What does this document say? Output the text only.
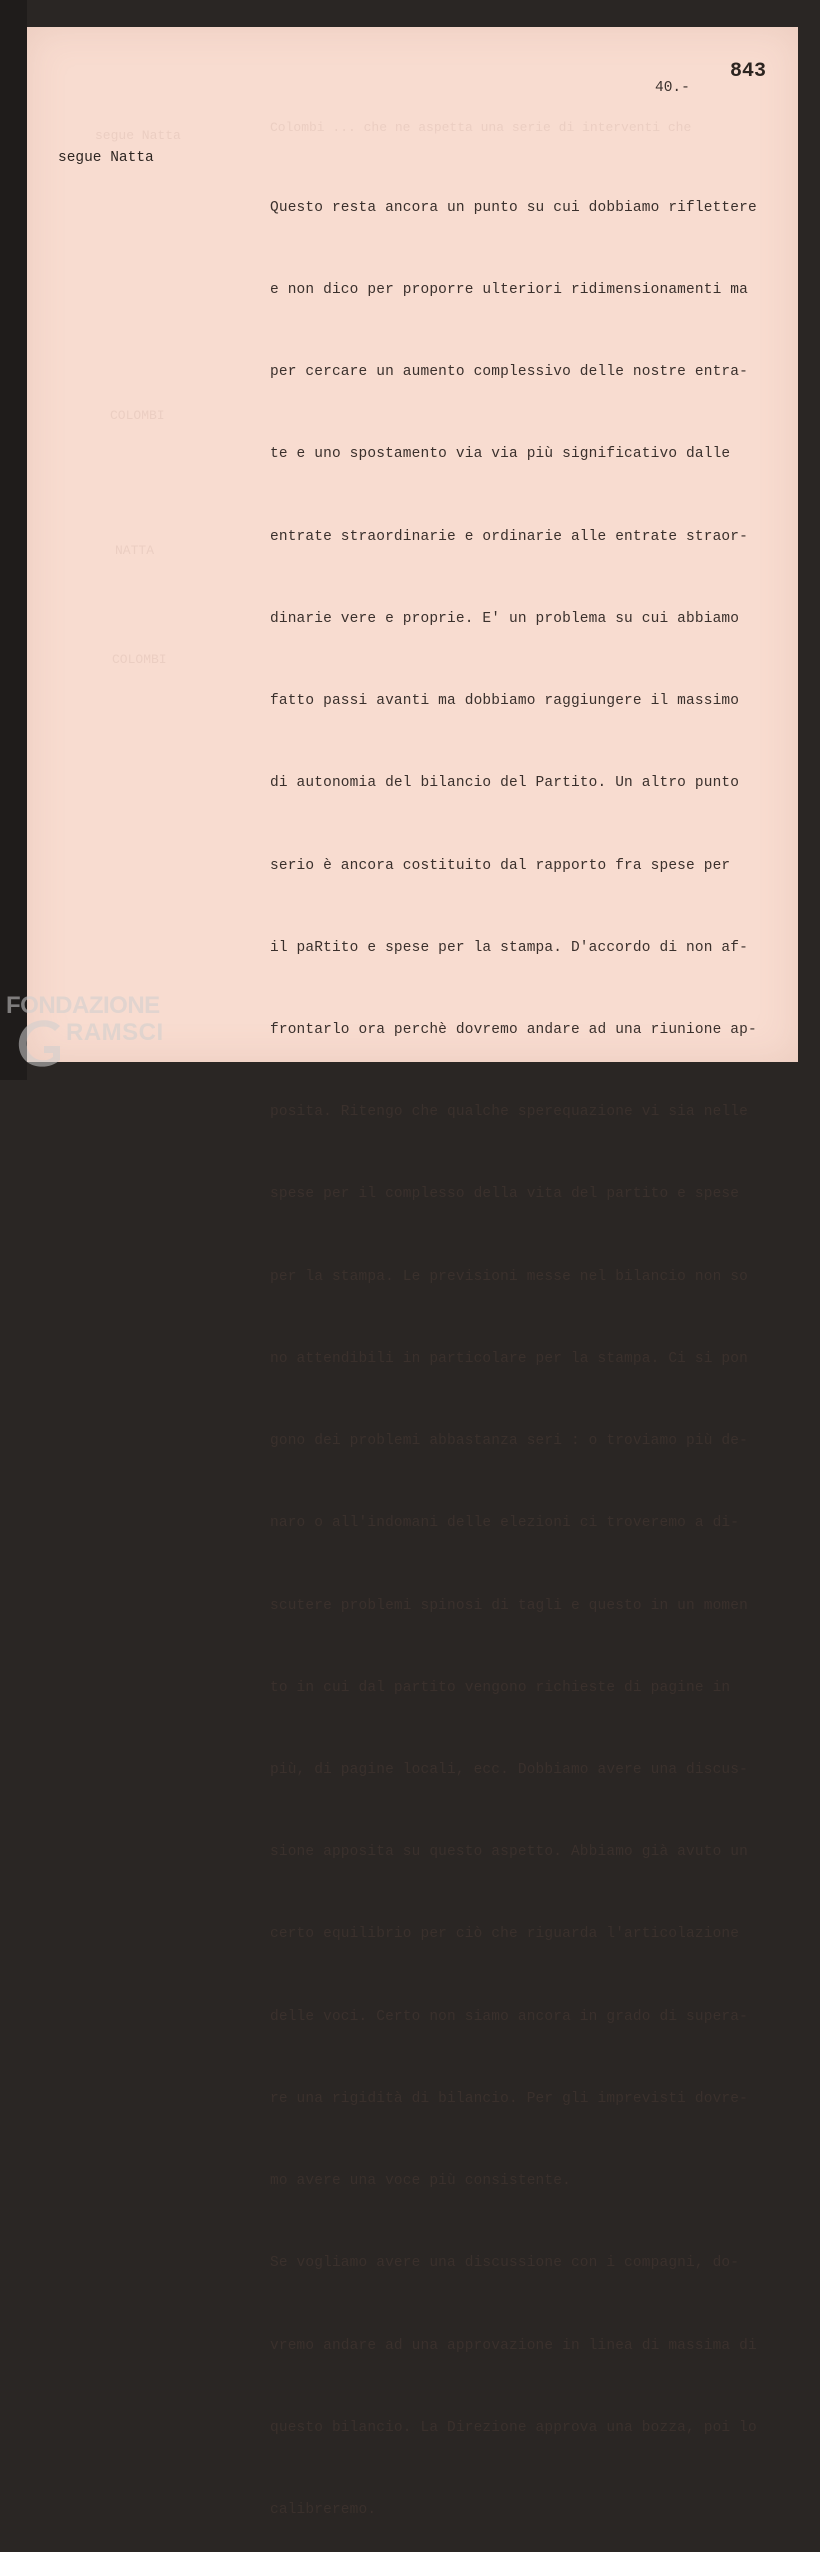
segue Natta
Colombi ... che ne aspetta una serie di interventi che
COLOMBI
NATTA
COLOMBI
843
40.-
segue Natta

Questo resta ancora un punto su cui dobbiamo riflettere

e non dico per proporre ulteriori ridimensionamenti ma

per cercare un aumento complessivo delle nostre entra-

te e uno spostamento via via più significativo dalle

entrate straordinarie e ordinarie alle entrate straor-

dinarie vere e proprie. E' un problema su cui abbiamo

fatto passi avanti ma dobbiamo raggiungere il massimo

di autonomia del bilancio del Partito. Un altro punto

serio è ancora costituito dal rapporto fra spese per

il paRtito e spese per la stampa. D'accordo di non af-

frontarlo ora perchè dovremo andare ad una riunione ap-

posita. Ritengo che qualche sperequazione vi sia nelle

spese per il complesso della vita del partito e spese

per la stampa. Le previsioni messe nel bilancio non so

no attendibili in particolare per la stampa. Ci si pon

gono dei problemi abbastanza seri : o troviamo più de-

naro o all'indomani delle elezioni ci troveremo a di-

scutere problemi spinosi di tagli e questo in un momen

to in cui dal partito vengono richieste di pagine in

più, di pagine locali, ecc. Dobbiamo avere una discus-

sione apposita su questo aspetto. Abbiamo già avuto un

certo equilibrio per ciò che riguarda l'articolazione

delle voci. Certo non siamo ancora in grado di supera-

re una rigidità di bilancio. Per gli imprevisti dovre-

mo avere una voce più consistente.

Se vogliamo avere una discussione con i compagni, do-

vremo andare ad una approvazione in linea di massima di

questo bilancio. La Direzione approva una bozza, poi lo

calibreremo.

FONDAZIONE
RAMSCI
